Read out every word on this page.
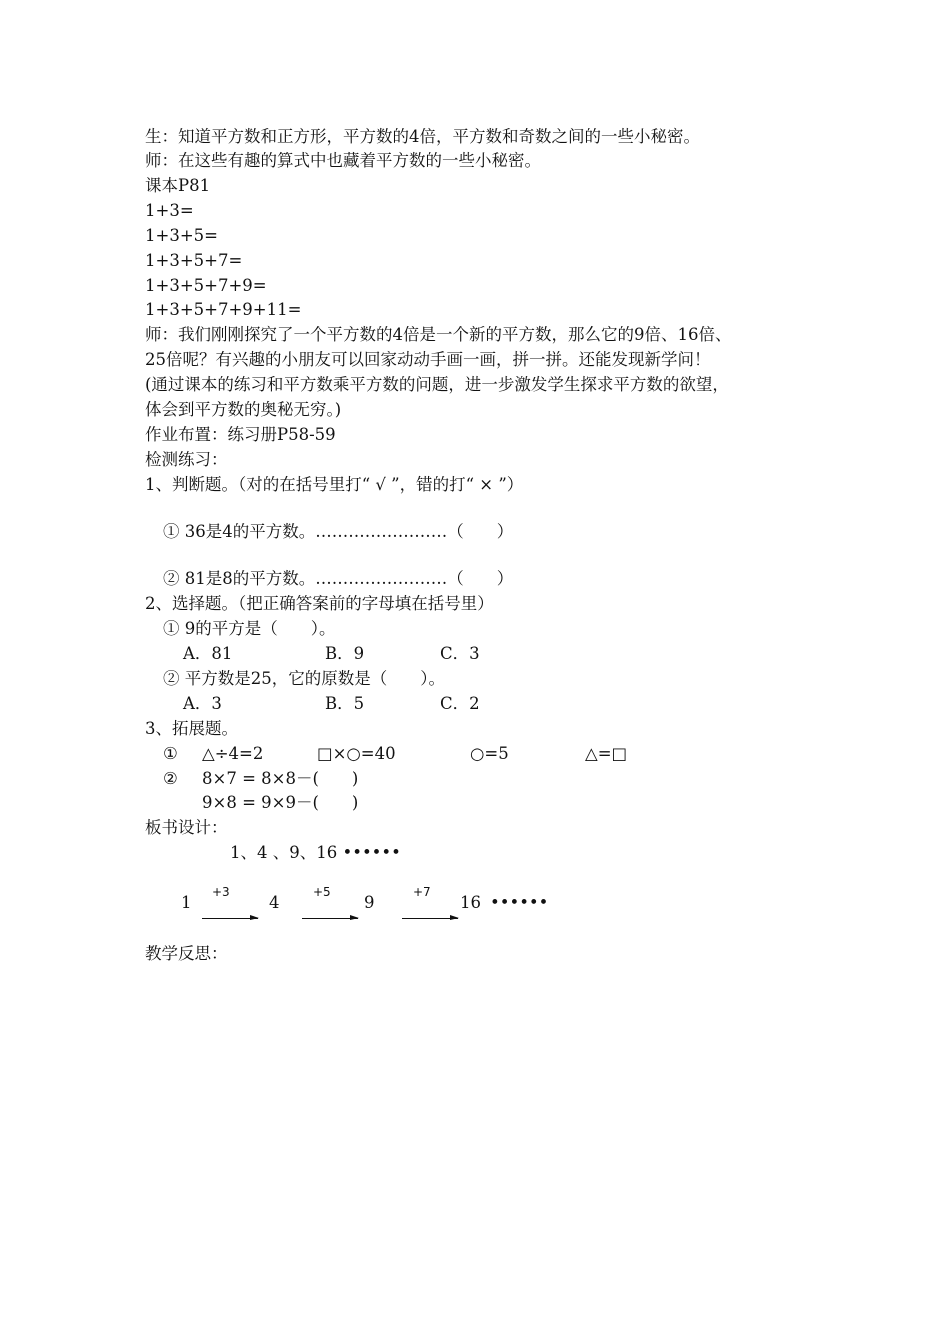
生：知道平方数和正方形，平方数的4倍，平方数和奇数之间的一些小秘密。
师：在这些有趣的算式中也藏着平方数的一些小秘密。
课本P81
1+3=
1+3+5=
1+3+5+7=
1+3+5+7+9=
1+3+5+7+9+11=
师：我们刚刚探究了一个平方数的4倍是一个新的平方数，那么它的9倍、16倍、
25倍呢？有兴趣的小朋友可以回家动动手画一画，拼一拼。还能发现新学问！
(通过课本的练习和平方数乘平方数的问题，进一步激发学生探求平方数的欲望，
体会到平方数的奥秘无穷。)
作业布置：练习册P58-59
检测练习：
1、判断题。（对的在括号里打“ √ ”，错的打“ × ”）
① 36是4的平方数。……………………（　　）
② 81是8的平方数。……………………（　　）
2、选择题。（把正确答案前的字母填在括号里）
① 9的平方是（　　）。
A．81	B．9	C．3
② 平方数是25，它的原数是（　　）。
A．3	B．5	C．2
3、拓展题。
① △÷4=2	□×○=40	○=5	△=□
② 8×7 = 8×8－(　　)
9×8 = 9×9－(　　)
板书设计：
1、4 、9、16 ••••••
1
+3
4
+5
9
+7
16 ••••••
教学反思：
